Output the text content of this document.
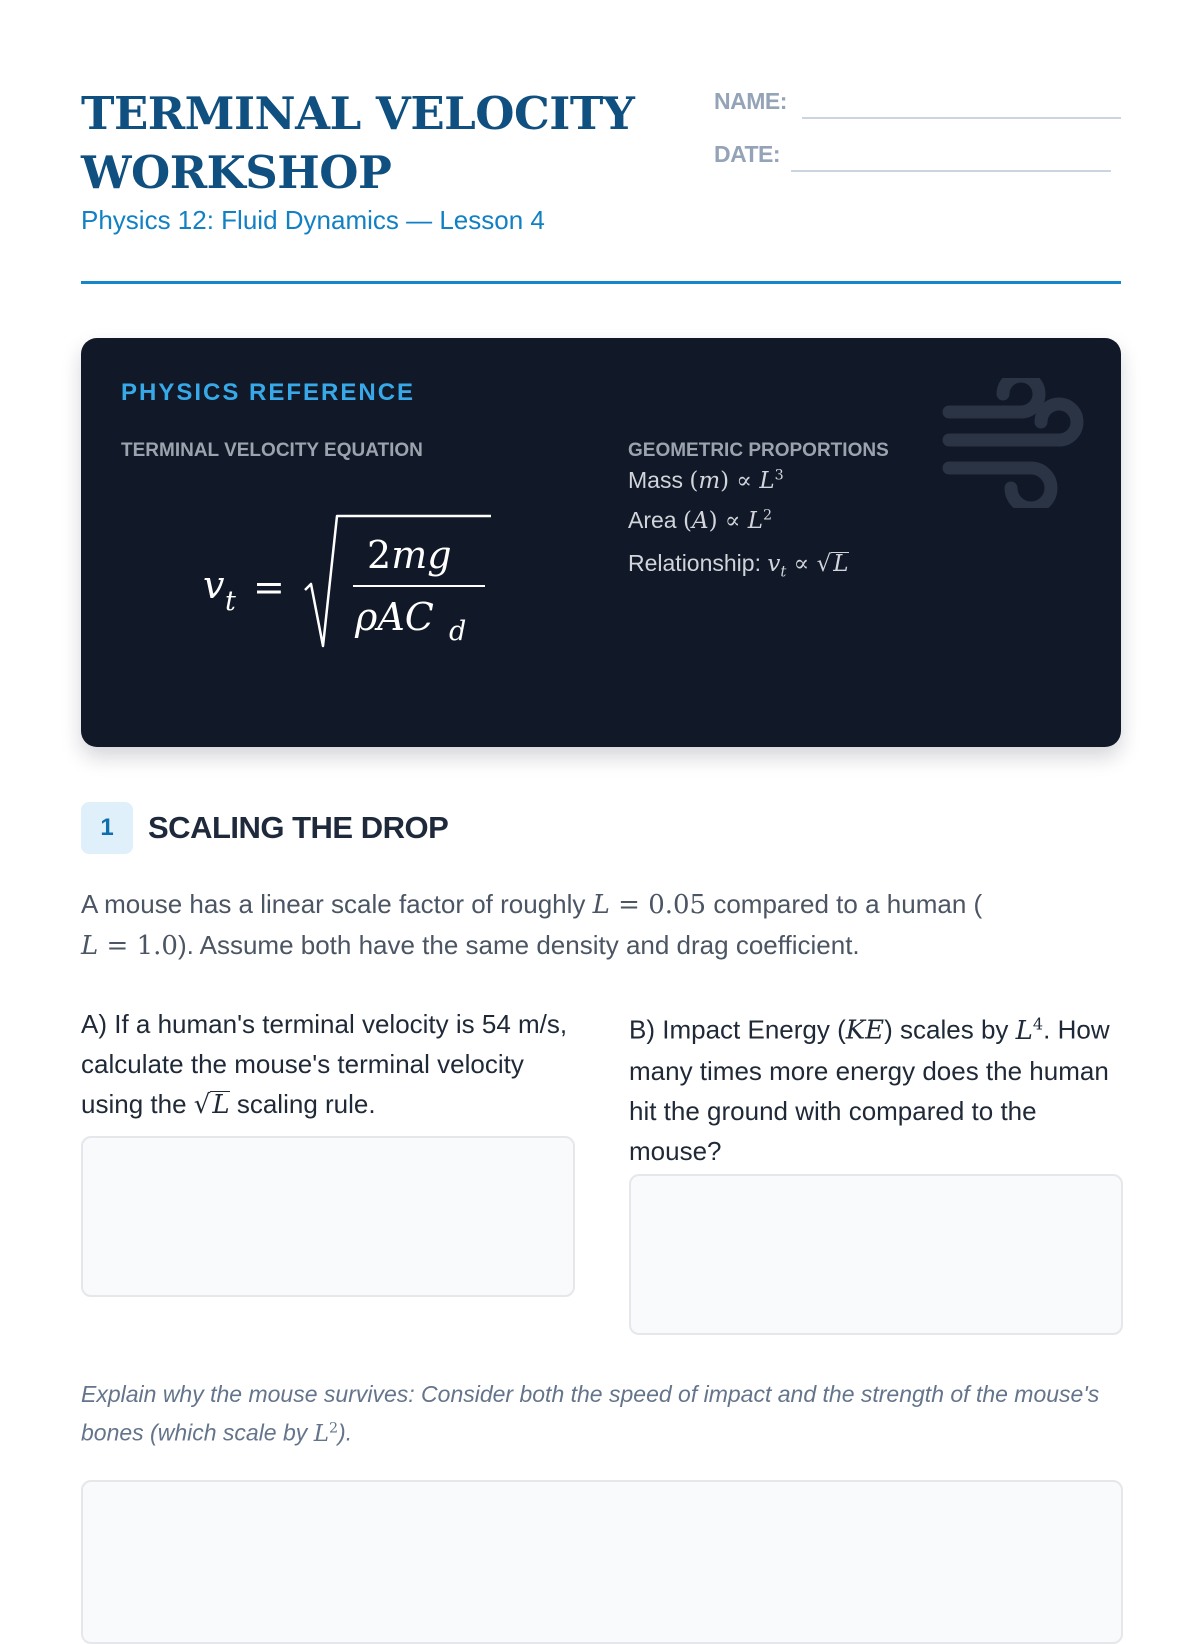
TERMINAL VELOCITY WORKSHOP
Physics 12: Fluid Dynamics — Lesson 4
NAME:
DATE:
PHYSICS REFERENCE
TERMINAL VELOCITY EQUATION	GEOMETRIC PROPORTIONS
v t =
2mg
ρAC d
Mass $(m) \propto L^3$
Area $(A) \propto L^2$
Relationship: $v_t \propto √L$
1	SCALING THE DROP

A mouse has a linear scale factor of roughly L = 0.05 compared to a human (
L = 1.0). Assume both have the same density and drag coefficient.

A) If a human's terminal velocity is 54 m/s, calculate the mouse's terminal velocity using the √L scaling rule.

B) Impact Energy (KE) scales by $L^4$. How many times more energy does the human hit the ground with compared to the mouse?

Explain why the mouse survives: Consider both the speed of impact and the strength of the mouse's bones (which scale by $L^2$).
